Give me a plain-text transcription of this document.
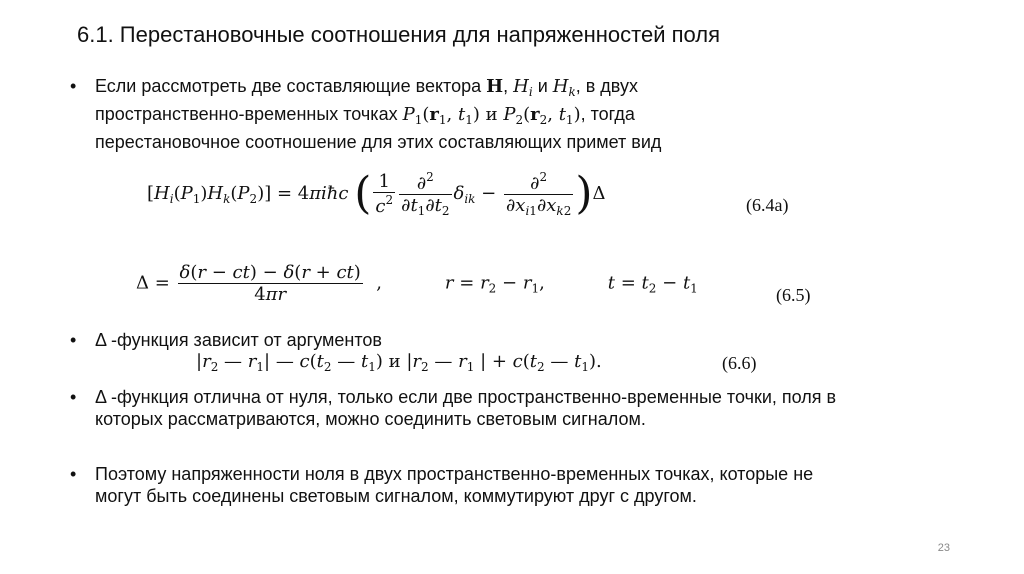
6.1. Перестановочные соотношения для напряженностей поля
• Если рассмотреть две составляющие вектора H, $H_i$ и $H_k$, в двух
пространственно-временных точках $P_1(r_1$, $t_1$) и $P_2(r_2$, $t_1$), тогда
перестановочное соотношение для этих составляющих примет вид
$[H_i(P_1)H_k(P_2)]$ = 4πiħc ( $\frac{1}{c^2} \frac{\partial^2}{\partial t_1\partial t_2} \delta_{ik} - \frac{\partial^2}{\partial x_{i1}\partial x_{k2}} )\Delta$
(6.4a)
$\Delta = \frac{\delta(r - ct) - \delta(r + ct)}{4\pi r}$ ,           $r = r_2 - r_1$,           $t = t_2 - t_1$	(6.5)
• Δ -функция зависит от аргументов
$|r_2$ — $r_1|$ — $c(t_2$ — $t_1$) и $|r_2$ — $r_1$ | + $c(t_2$ — $t_1$).	(6.6)
• Δ -функция отлична от нуля, только если две пространственно-временные точки, поля в которых рассматриваются, можно соединить световым сигналом.
• Поэтому напряженности ноля в двух пространственно-временных точках, которые не могут быть соединены световым сигналом, коммутируют друг с другом.
23
